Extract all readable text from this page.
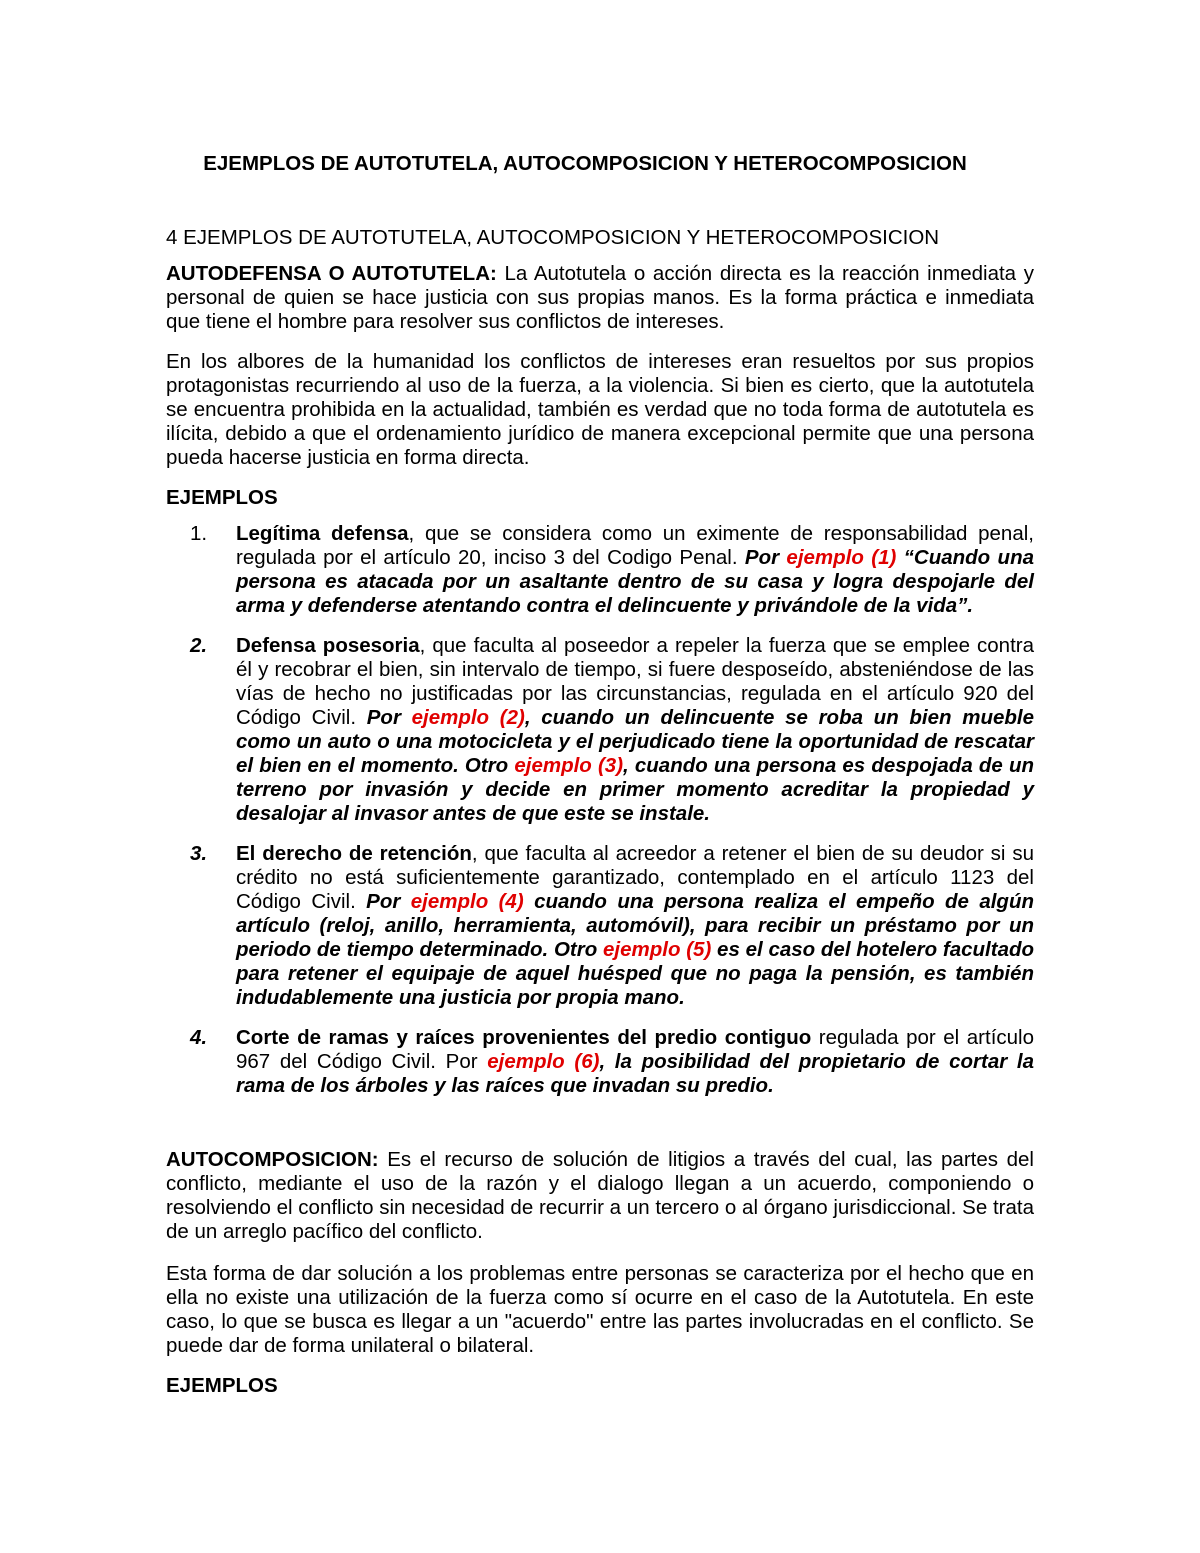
EJEMPLOS DE AUTOTUTELA, AUTOCOMPOSICION Y HETEROCOMPOSICION
4 EJEMPLOS DE AUTOTUTELA, AUTOCOMPOSICION Y HETEROCOMPOSICION

AUTODEFENSA O AUTOTUTELA: La Autotutela o acción directa es la reacción inmediata y personal de quien se hace justicia con sus propias manos. Es la forma práctica e inmediata que tiene el hombre para resolver sus conflictos de intereses.

En los albores de la humanidad los conflictos de intereses eran resueltos por sus propios protagonistas recurriendo al uso de la fuerza, a la violencia. Si bien es cierto, que la autotutela se encuentra prohibida en la actualidad, también es verdad que no toda forma de autotutela es ilícita, debido a que el ordenamiento jurídico de manera excepcional permite que una persona pueda hacerse justicia en forma directa.

EJEMPLOS
1.	Legítima defensa, que se considera como un eximente de responsabilidad penal, regulada por el artículo 20, inciso 3 del Codigo Penal. Por ejemplo (1) “Cuando una persona es atacada por un asaltante dentro de su casa y logra despojarle del arma y defenderse atentando contra el delincuente y privándole de la vida”.

2.	Defensa posesoria, que faculta al poseedor a repeler la fuerza que se emplee contra él y recobrar el bien, sin intervalo de tiempo, si fuere desposeído, absteniéndose de las vías de hecho no justificadas por las circunstancias, regulada en el artículo 920 del Código Civil. Por ejemplo (2), cuando un delincuente se roba un bien mueble como un auto o una motocicleta y el perjudicado tiene la oportunidad de rescatar el bien en el momento. Otro ejemplo (3), cuando una persona es despojada de un terreno por invasión y decide en primer momento acreditar la propiedad y desalojar al invasor antes de que este se instale.

3.	El derecho de retención, que faculta al acreedor a retener el bien de su deudor si su crédito no está suficientemente garantizado, contemplado en el artículo 1123 del Código Civil. Por ejemplo (4) cuando una persona realiza el empeño de algún artículo (reloj, anillo, herramienta, automóvil), para recibir un préstamo por un periodo de tiempo determinado. Otro ejemplo (5) es el caso del hotelero facultado para retener el equipaje de aquel huésped que no paga la pensión, es también indudablemente una justicia por propia mano.

4.	Corte de ramas y raíces provenientes del predio contiguo regulada por el artículo 967 del Código Civil. Por ejemplo (6), la posibilidad del propietario de cortar la rama de los árboles y las raíces que invadan su predio.

AUTOCOMPOSICION: Es el recurso de solución de litigios a través del cual, las partes del conflicto, mediante el uso de la razón y el dialogo llegan a un acuerdo, componiendo o resolviendo el conflicto sin necesidad de recurrir a un tercero o al órgano jurisdiccional. Se trata de un arreglo pacífico del conflicto.

Esta forma de dar solución a los problemas entre personas se caracteriza por el hecho que en ella no existe una utilización de la fuerza como sí ocurre en el caso de la Autotutela. En este caso, lo que se busca es llegar a un "acuerdo" entre las partes involucradas en el conflicto. Se puede dar de forma unilateral o bilateral.

EJEMPLOS
